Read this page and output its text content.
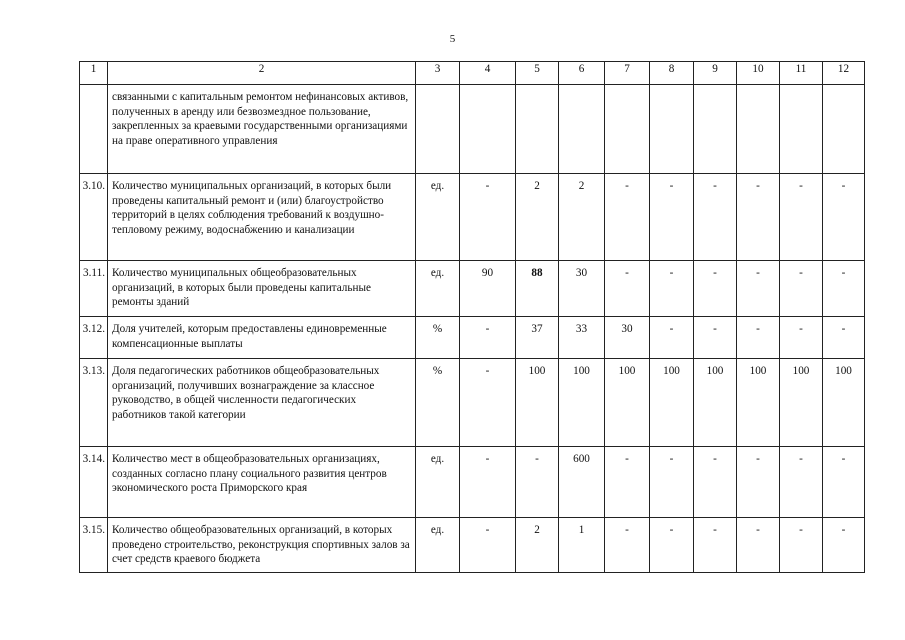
5
1	2	3	4	5	6	7	8	9	10	11	12
	связанными с капитальным ремонтом нефинансовых активов, полученных в аренду или безвозмездное пользование, закрепленных за краевыми государственными организациями на праве оперативного управления										
3.10.	Количество муниципальных организаций, в которых были проведены капитальный ремонт и (или) благоустройство территорий в целях соблюдения требований к воздушно-тепловому режиму, водоснабжению и канализации	ед.	-	2	2	-	-	-	-	-	-
3.11.	Количество муниципальных общеобразовательных организаций, в которых были проведены капитальные ремонты зданий	ед.	90	88	30	-	-	-	-	-	-
3.12.	Доля учителей, которым предоставлены единовременные компенсационные выплаты	%	-	37	33	30	-	-	-	-	-
3.13.	Доля педагогических работников общеобразовательных организаций, получивших вознаграждение за классное руководство, в общей численности педагогических работников такой категории	%	-	100	100	100	100	100	100	100	100
3.14.	Количество мест в общеобразовательных организациях, созданных согласно плану социального развития центров экономического роста Приморского края	ед.	-	-	600	-	-	-	-	-	-
3.15.	Количество общеобразовательных организаций, в которых проведено строительство, реконструкция спортивных залов за счет средств краевого бюджета	ед.	-	2	1	-	-	-	-	-	-
